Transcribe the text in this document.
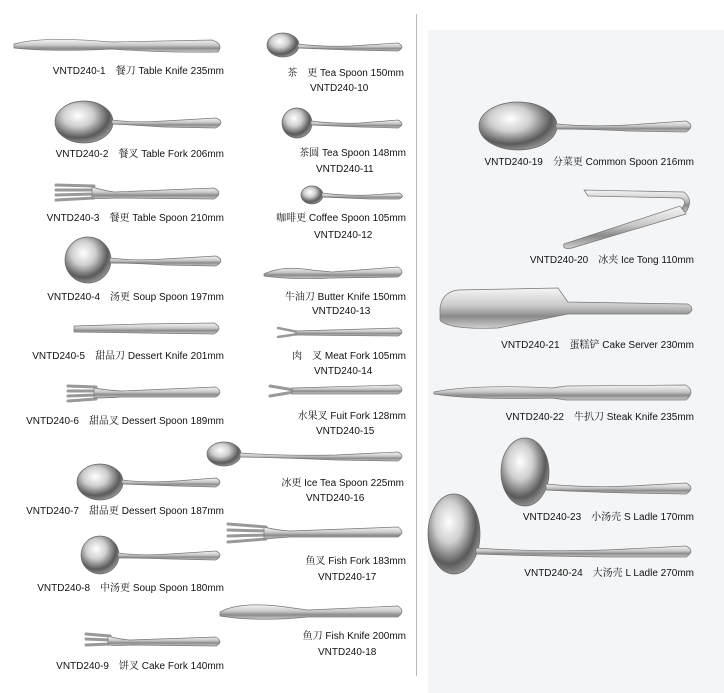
VNTD240-1　 餐刀 Table Knife 235mm
VNTD240-2　 餐叉 Table Fork 206mm
VNTD240-3　 餐更 Table Spoon 210mm
VNTD240-4　 汤更 Soup Spoon 197mm
VNTD240-5　 甜品刀 Dessert Knife 201mm
VNTD240-6　 甜品叉 Dessert Spoon 189mm
VNTD240-7　 甜品更 Dessert Spoon 187mm
VNTD240-8　 中汤更 Soup Spoon 180mm
VNTD240-9　 饼叉 Cake Fork 140mm
茶　更 Tea Spoon 150mm
VNTD240-10
茶圆 Tea Spoon 148mm
VNTD240-11
咖啡更 Coffee Spoon 105mm
VNTD240-12
牛油刀 Butter Knife 150mm
VNTD240-13
肉　叉 Meat Fork 105mm
VNTD240-14
水果叉 Fuit Fork 128mm
VNTD240-15
冰更 Ice Tea Spoon 225mm
VNTD240-16
鱼叉 Fish Fork 183mm
VNTD240-17
鱼刀 Fish Knife 200mm
VNTD240-18
VNTD240-19　 分菜更 Common Spoon 216mm
VNTD240-20　 冰夹 Ice Tong 110mm
VNTD240-21　 蛋糕铲 Cake Server 230mm
VNTD240-22　 牛扒刀 Steak Knife 235mm
VNTD240-23　 小汤壳 S Ladle 170mm
VNTD240-24　 大汤壳 L Ladle 270mm
